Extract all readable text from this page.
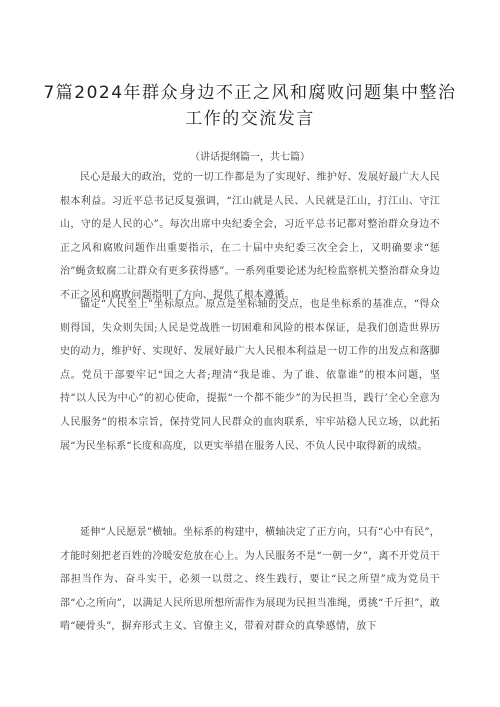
7篇2024年群众身边不正之风和腐败问题集中整治
工作的交流发言

（讲话提纲篇一，共七篇）

民心是最大的政治，党的一切工作都是为了实现好、维护好、发展好最广大人民根本利益。习近平总书记反复强调，“江山就是人民、人民就是江山，打江山、守江山，守的是人民的心”。每次出席中央纪委全会，习近平总书记都对整治群众身边不正之风和腐败问题作出重要指示，在二十届中央纪委三次全会上，又明确要求“惩治”蝇贪蚁腐二让群众有更多获得感”。一系列重要论述为纪检监察机关整治群众身边不正之风和腐败问题指明了方向、提供了根本遵循。

锚定“人民至上”坐标原点。原点是坐标轴的交点，也是坐标系的基准点，“得众则得国，失众则失国;人民是党战胜一切困难和风险的根本保证，是我们创造世界历史的动力，维护好、实现好、发展好最广大人民根本利益是一切工作的出发点和落脚点。党员干部要牢记“国之大者;理清“我是谁、为了谁、依靠谁”的根本问题，坚持“以人民为中心”的初心使命，提振“一个都不能少”的为民担当，践行’全心全意为人民服务“的根本宗旨，保持党同人民群众的血肉联系，牢牢站稳人民立场，以此拓展“为民坐标系“长度和高度，以更实举措在服务人民、不负人民中取得新的成绩。

延伸“人民愿景”横轴。坐标系的构建中，横轴决定了正方向，只有“心中有民”，才能时刻把老百姓的冷暖安危放在心上。为人民服务不是“一朝一夕”，离不开党员干部担当作为、奋斗实干，必须一以贯之、终生践行，要让“民之所望”成为党员干部“心之所向”，以满足人民所思所想所需作为展现为民担当准绳，勇挑“千斤担”，敢啃“硬骨头”，摒弃形式主义、官僚主义，带着对群众的真挚感情，放下
